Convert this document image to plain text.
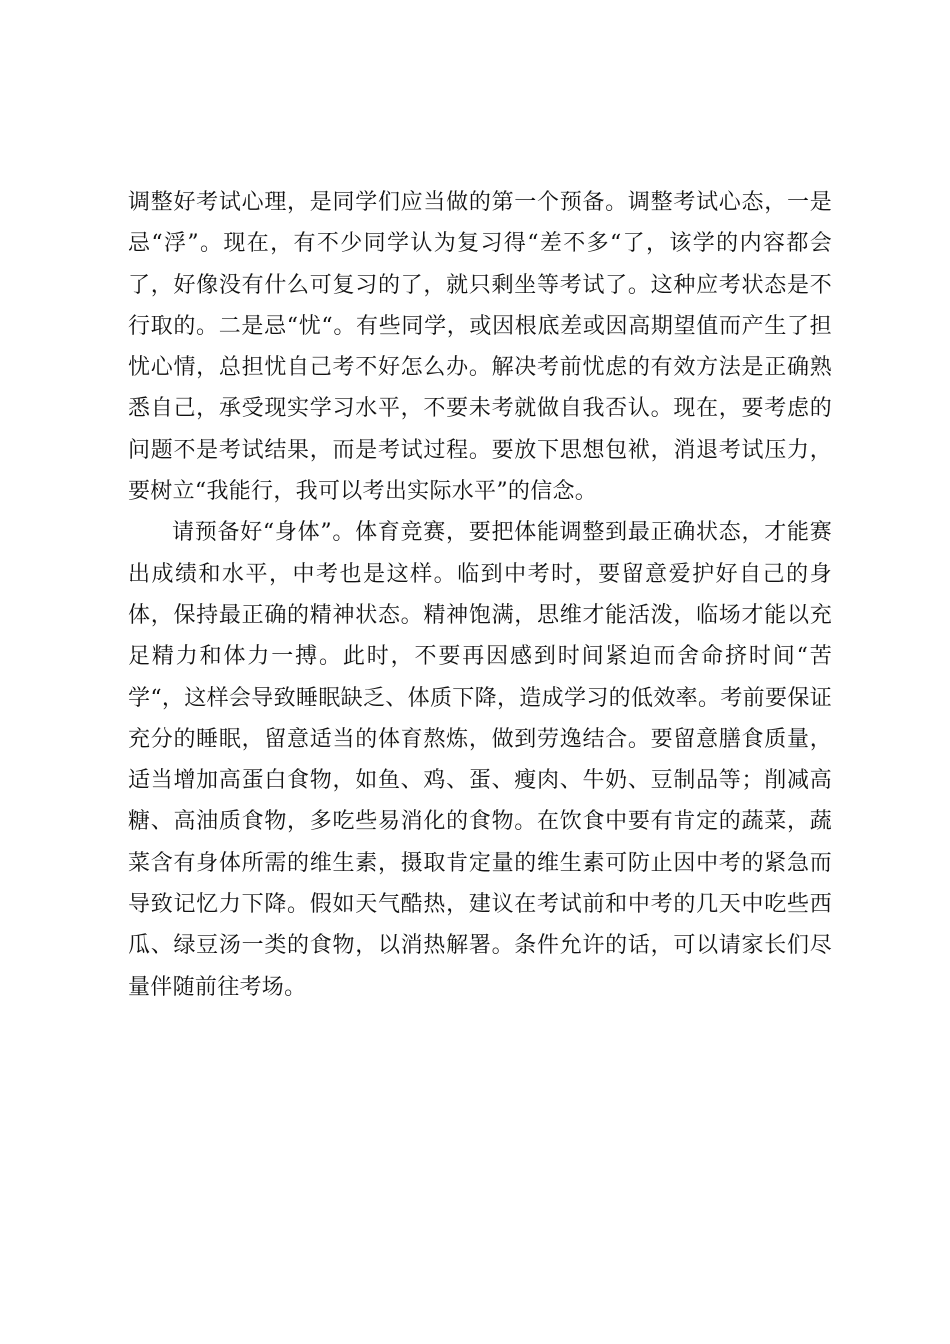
调整好考试心理，是同学们应当做的第一个预备。调整考试心态，一是忌“浮”。现在，有不少同学认为复习得“差不多“了，该学的内容都会了，好像没有什么可复习的了，就只剩坐等考试了。这种应考状态是不行取的。二是忌“忧“。有些同学，或因根底差或因高期望值而产生了担忧心情，总担忧自己考不好怎么办。解决考前忧虑的有效方法是正确熟悉自己，承受现实学习水平，不要未考就做自我否认。现在，要考虑的问题不是考试结果，而是考试过程。要放下思想包袱，消退考试压力，要树立“我能行，我可以考出实际水平”的信念。

请预备好“身体”。体育竞赛，要把体能调整到最正确状态，才能赛出成绩和水平，中考也是这样。临到中考时，要留意爱护好自己的身体，保持最正确的精神状态。精神饱满，思维才能活泼，临场才能以充足精力和体力一搏。此时，不要再因感到时间紧迫而舍命挤时间“苦学“，这样会导致睡眠缺乏、体质下降，造成学习的低效率。考前要保证充分的睡眠，留意适当的体育熬炼，做到劳逸结合。要留意膳食质量，适当增加高蛋白食物，如鱼、鸡、蛋、瘦肉、牛奶、豆制品等；削减高糖、高油质食物，多吃些易消化的食物。在饮食中要有肯定的蔬菜，蔬菜含有身体所需的维生素，摄取肯定量的维生素可防止因中考的紧急而导致记忆力下降。假如天气酷热，建议在考试前和中考的几天中吃些西瓜、绿豆汤一类的食物，以消热解署。条件允许的话，可以请家长们尽量伴随前往考场。
